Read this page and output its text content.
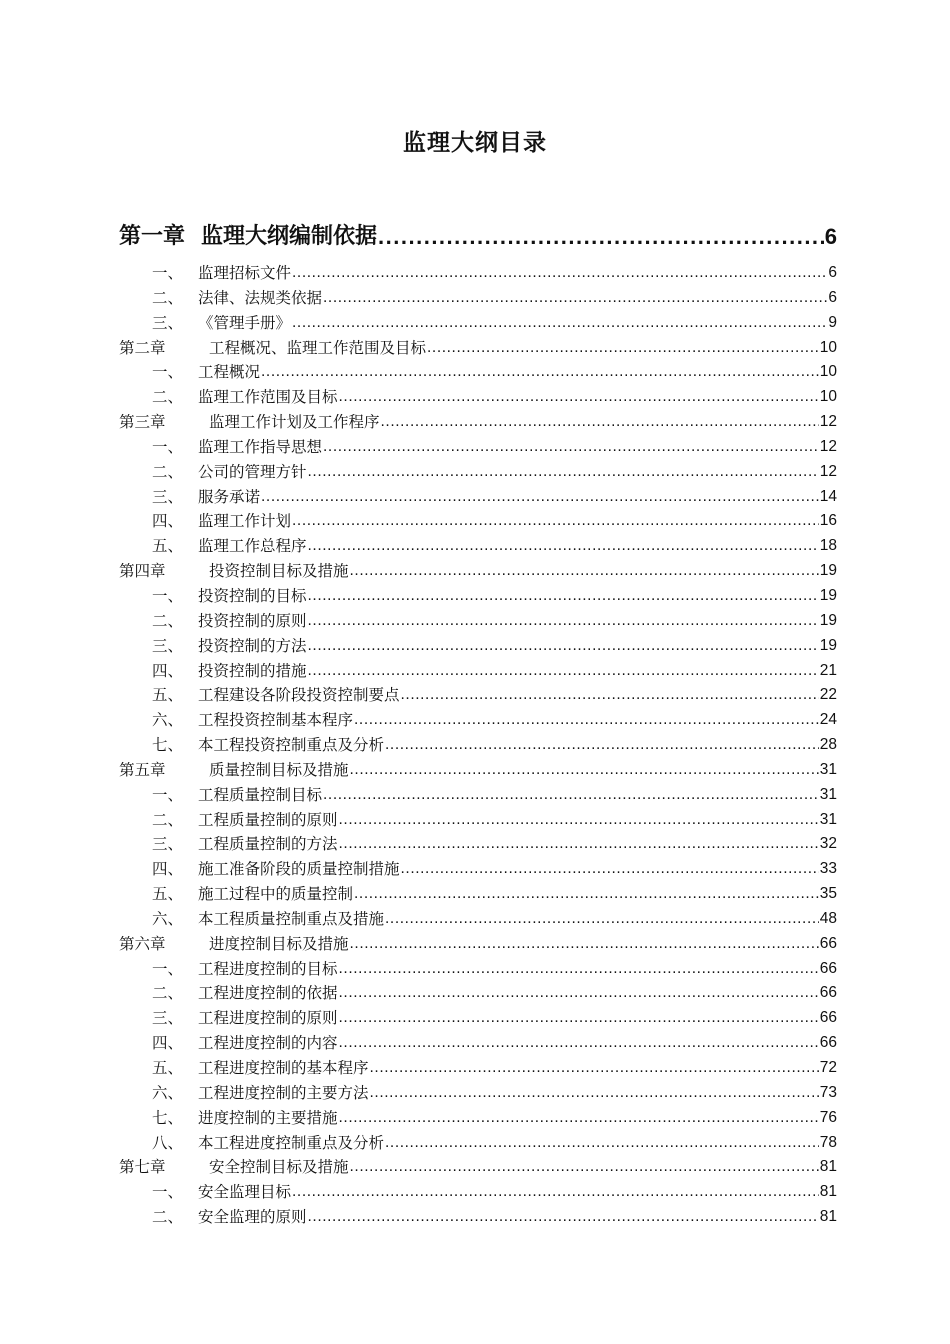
监理大纲目录
第一章 监理大纲编制依据 .....	6
一、 监理招标文件 .....	6
二、 法律、法规类依据 .....	6
三、 《管理手册》 .....	9
第二章	工程概况、监理工作范围及目标 .....	10
一、 工程概况 .....	10
二、 监理工作范围及目标 .....	10
第三章	监理工作计划及工作程序 .....	12
一、 监理工作指导思想 .....	12
二、 公司的管理方针 .....	12
三、 服务承诺 .....	14
四、 监理工作计划 .....	16
五、 监理工作总程序 .....	18
第四章	投资控制目标及措施 .....	19
一、 投资控制的目标 .....	19
二、 投资控制的原则 .....	19
三、 投资控制的方法 .....	19
四、 投资控制的措施 .....	21
五、 工程建设各阶段投资控制要点 .....	22
六、 工程投资控制基本程序 .....	24
七、 本工程投资控制重点及分析 .....	28
第五章	质量控制目标及措施 .....	31
一、 工程质量控制目标 .....	31
二、 工程质量控制的原则 .....	31
三、 工程质量控制的方法 .....	32
四、 施工准备阶段的质量控制措施 .....	33
五、 施工过程中的质量控制 .....	35
六、 本工程质量控制重点及措施 .....	48
第六章	进度控制目标及措施 .....	66
一、 工程进度控制的目标 .....	66
二、 工程进度控制的依据 .....	66
三、 工程进度控制的原则 .....	66
四、 工程进度控制的内容 .....	66
五、 工程进度控制的基本程序 .....	72
六、 工程进度控制的主要方法 .....	73
七、 进度控制的主要措施 .....	76
八、 本工程进度控制重点及分析 .....	78
第七章	安全控制目标及措施 .....	81
一、 安全监理目标 .....	81
二、 安全监理的原则 .....	81
